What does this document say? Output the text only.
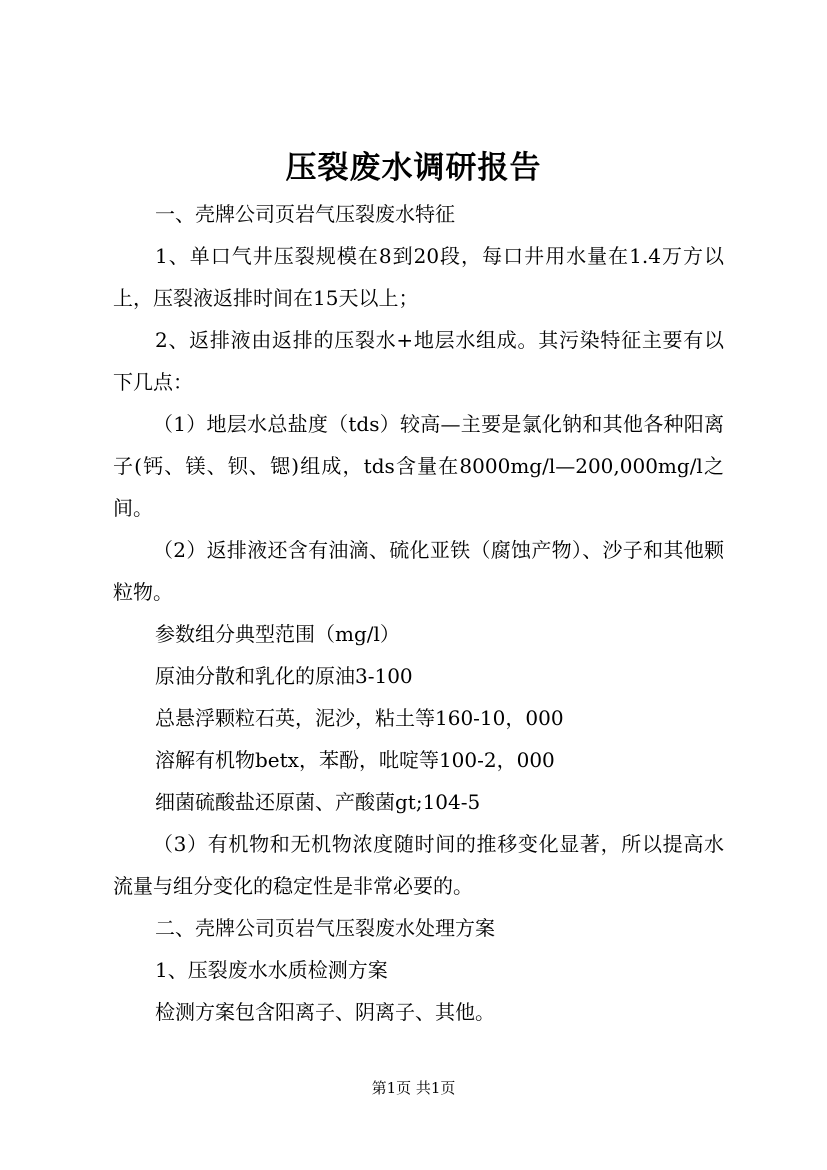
压裂废水调研报告

一、壳牌公司页岩气压裂废水特征

1、单口气井压裂规模在8到20段，每口井用水量在1.4万方以上，压裂液返排时间在15天以上；

2、返排液由返排的压裂水+地层水组成。其污染特征主要有以下几点：

（1）地层水总盐度（tds）较高—主要是氯化钠和其他各种阳离子(钙、镁、钡、锶)组成，tds含量在8000mg/l—200,000mg/l之间。

（2）返排液还含有油滴、硫化亚铁（腐蚀产物）、沙子和其他颗粒物。

参数组分典型范围（mg/l）

原油分散和乳化的原油3-100

总悬浮颗粒石英，泥沙，粘土等160-10，000

溶解有机物betx，苯酚，吡啶等100-2，000

细菌硫酸盐还原菌、产酸菌gt;104-5

（3）有机物和无机物浓度随时间的推移变化显著，所以提高水流量与组分变化的稳定性是非常必要的。

二、壳牌公司页岩气压裂废水处理方案

1、压裂废水水质检测方案

检测方案包含阳离子、阴离子、其他。

第1页 共1页
